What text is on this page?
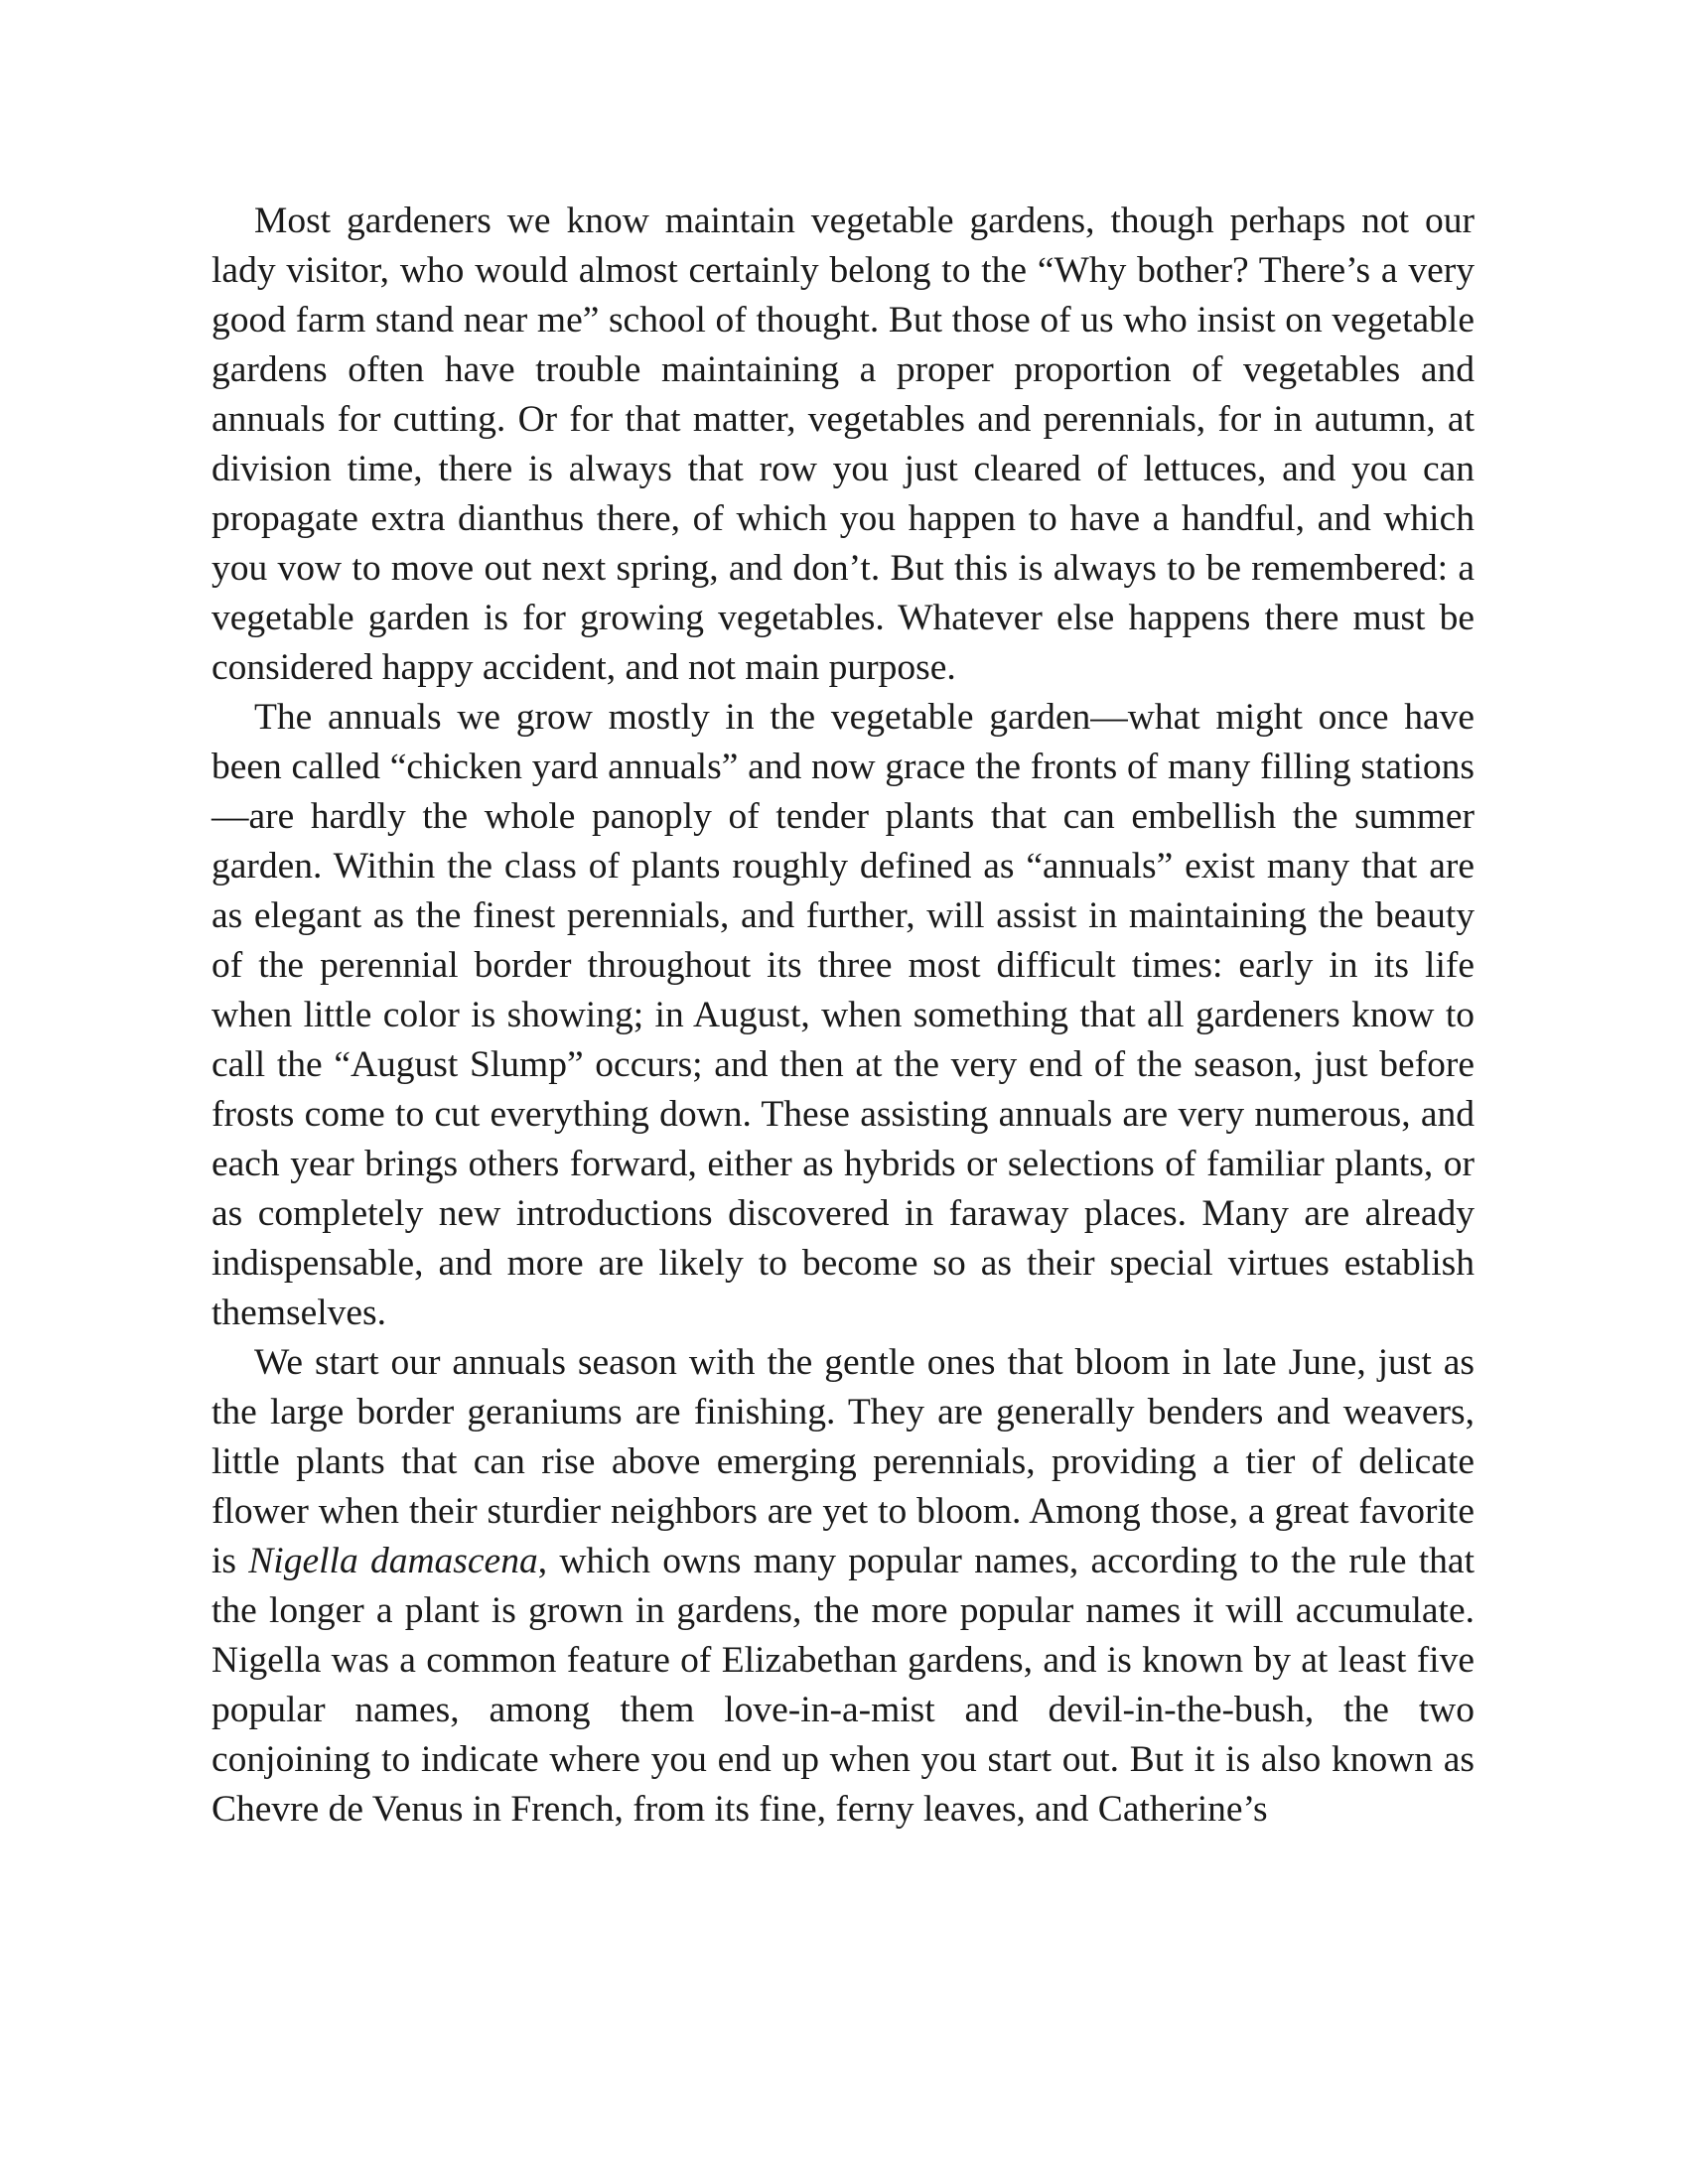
Most gardeners we know maintain vegetable gardens, though perhaps not our lady visitor, who would almost certainly belong to the “Why bother? There’s a very good farm stand near me” school of thought. But those of us who insist on vegetable gardens often have trouble maintaining a proper proportion of vegetables and annuals for cutting. Or for that matter, vegetables and perennials, for in autumn, at division time, there is always that row you just cleared of lettuces, and you can propagate extra dianthus there, of which you happen to have a handful, and which you vow to move out next spring, and don’t. But this is always to be remembered: a vegetable garden is for growing vegetables. Whatever else happens there must be considered happy accident, and not main purpose.

The annuals we grow mostly in the vegetable garden—what might once have been called “chicken yard annuals” and now grace the fronts of many filling stations—are hardly the whole panoply of tender plants that can embellish the summer garden. Within the class of plants roughly defined as “annuals” exist many that are as elegant as the finest perennials, and further, will assist in maintaining the beauty of the perennial border throughout its three most difficult times: early in its life when little color is showing; in August, when something that all gardeners know to call the “August Slump” occurs; and then at the very end of the season, just before frosts come to cut everything down. These assisting annuals are very numerous, and each year brings others forward, either as hybrids or selections of familiar plants, or as completely new introductions discovered in faraway places. Many are already indispensable, and more are likely to become so as their special virtues establish themselves.

We start our annuals season with the gentle ones that bloom in late June, just as the large border geraniums are finishing. They are generally benders and weavers, little plants that can rise above emerging perennials, providing a tier of delicate flower when their sturdier neighbors are yet to bloom. Among those, a great favorite is Nigella damascena, which owns many popular names, according to the rule that the longer a plant is grown in gardens, the more popular names it will accumulate. Nigella was a common feature of Elizabethan gardens, and is known by at least five popular names, among them love-in-a-mist and devil-in-the-bush, the two conjoining to indicate where you end up when you start out. But it is also known as Chevre de Venus in French, from its fine, ferny leaves, and Catherine’s
